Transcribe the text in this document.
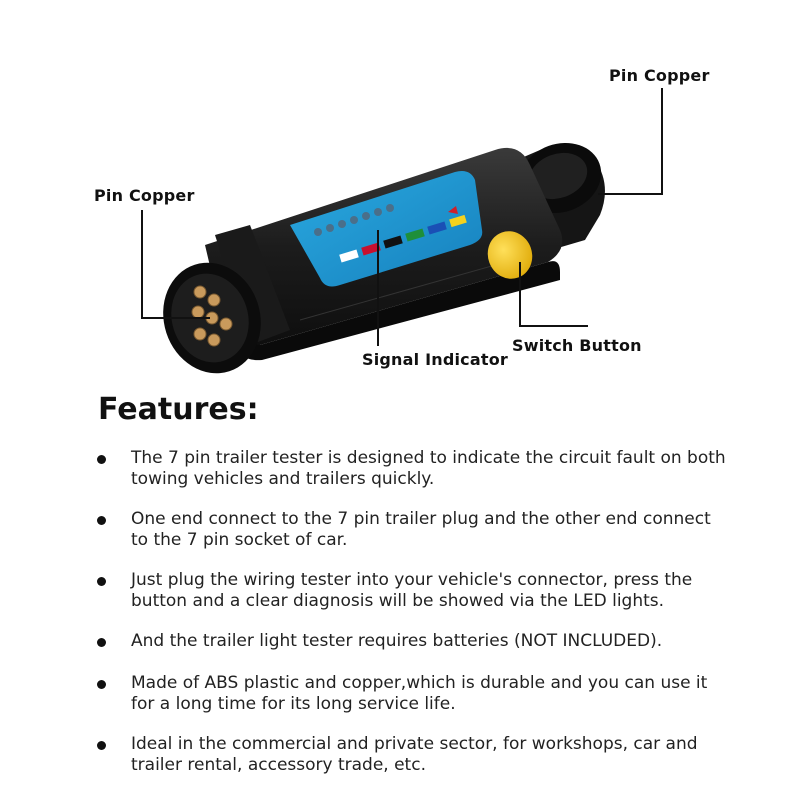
Pin Copper
Pin Copper
Signal Indicator
Switch Button
Features:
The 7 pin trailer tester is designed to indicate the circuit fault on both towing vehicles and trailers quickly.
One end connect to the 7 pin trailer plug and the other end connect to the 7 pin socket of car.
Just plug the wiring tester into your vehicle's connector, press the button and a clear diagnosis will be showed via the LED lights.
And the trailer light tester requires batteries (NOT INCLUDED).
Made of ABS plastic and copper,which is durable and you can use it for a long time for its long service life.
Ideal in the commercial and private sector, for workshops, car and trailer rental, accessory trade, etc.
